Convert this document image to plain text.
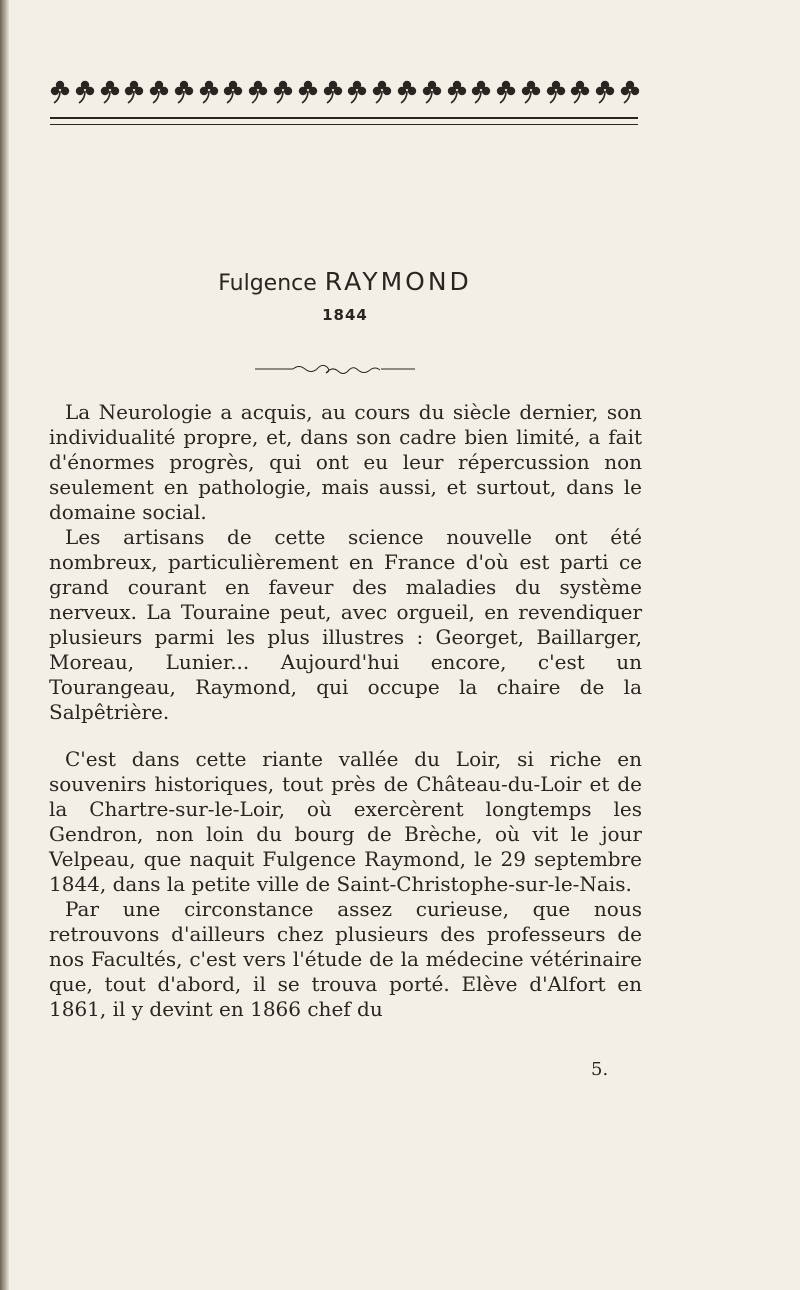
Fulgence RAYMOND
1844

La Neurologie a acquis, au cours du siècle dernier, son individualité propre, et, dans son cadre bien limité, a fait d'énormes progrès, qui ont eu leur répercussion non seulement en pathologie, mais aussi, et surtout, dans le domaine social.

Les artisans de cette science nouvelle ont été nombreux, particulièrement en France d'où est parti ce grand courant en faveur des maladies du système nerveux. La Touraine peut, avec orgueil, en revendiquer plusieurs parmi les plus illustres : Georget, Baillarger, Moreau, Lunier... Aujourd'hui encore, c'est un Tourangeau, Raymond, qui occupe la chaire de la Salpêtrière.

C'est dans cette riante vallée du Loir, si riche en souvenirs historiques, tout près de Château-du-Loir et de la Chartre-sur-le-Loir, où exercèrent longtemps les Gendron, non loin du bourg de Brèche, où vit le jour Velpeau, que naquit Fulgence Raymond, le 29 septembre 1844, dans la petite ville de Saint-Christophe-sur-le-Nais.

Par une circonstance assez curieuse, que nous retrouvons d'ailleurs chez plusieurs des professeurs de nos Facultés, c'est vers l'étude de la médecine vétérinaire que, tout d'abord, il se trouva porté. Elève d'Alfort en 1861, il y devint en 1866 chef du

5.
